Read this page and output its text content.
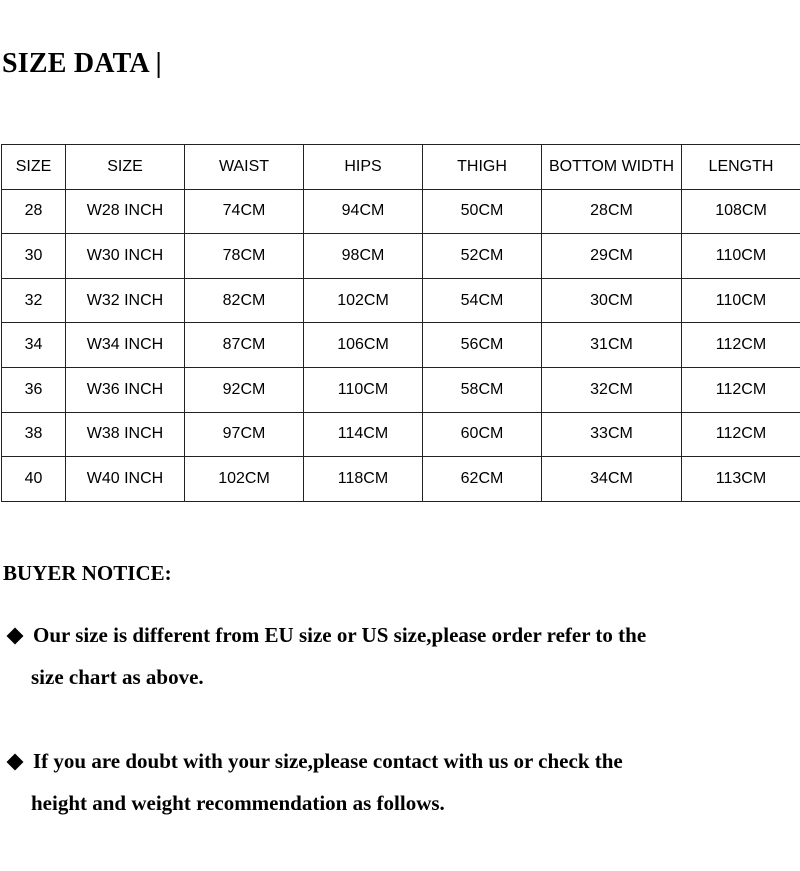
SIZE DATA |
SIZE	SIZE	WAIST	HIPS	THIGH	BOTTOM WIDTH	LENGTH
28	W28 INCH	74CM	94CM	50CM	28CM	108CM
30	W30 INCH	78CM	98CM	52CM	29CM	110CM
32	W32 INCH	82CM	102CM	54CM	30CM	110CM
34	W34 INCH	87CM	106CM	56CM	31CM	112CM
36	W36 INCH	92CM	110CM	58CM	32CM	112CM
38	W38 INCH	97CM	114CM	60CM	33CM	112CM
40	W40 INCH	102CM	118CM	62CM	34CM	113CM
BUYER NOTICE:
Our size is different from EU size or US size,please order refer to the
size chart as above.
If you are doubt with your size,please contact with us or check the
height and weight recommendation as follows.
